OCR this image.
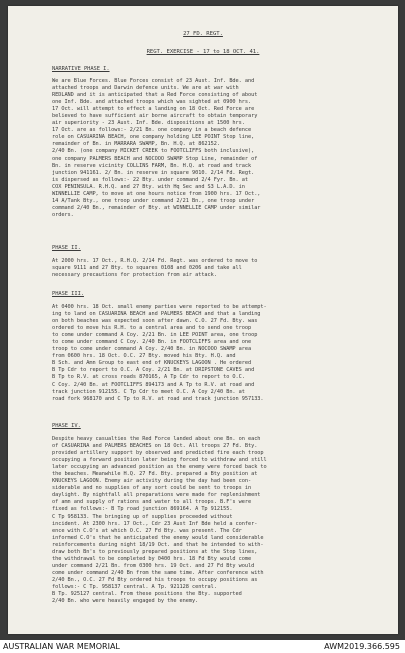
27 FD. REGT.
REGT. EXERCISE - 17 to 18 OCT. 41.
NARRATIVE PHASE I.
We are Blue Forces. Blue Forces consist of 23 Aust. Inf. Bde. and
attached troops and Darwin defence units. We are at war with
REDLAND and it is anticipated that a Red Force consisting of about
one Inf. Bde. and attached troops which was sighted at 0900 hrs.
17 Oct. will attempt to effect a landing on 18 Oct. Red Force are
believed to have sufficient air borne aircraft to obtain temporary
air superiority - 23 Aust. Inf. Bde. dispositions at 1500 hrs.
17 Oct. are as follows:- 2/21 Bn. one company in a beach defence
role on CASUARINA BEACH, one company holding LEE POINT Stop line,
remainder of Bn. in MARRARA SWAMP, Bn. H.Q. at 862152.
2/40 Bn. (one company MICKET CREEK to FOOTCLIFFS both inclusive),
one company PALMERS BEACH and NOCOOO SWAMP Stop Line, remainder of
Bn. in reserve vicinity COLLINS FARM, Bn. H.Q. at road and track
junction 941161. 2/ Bn. in reserve in square 9010. 2/14 Fd. Regt.
is dispersed as follows:- 22 Bty. under command 2/4 Fyr. Bn. at
COX PENINSULA. R.H.Q. and 27 Bty. with Hq Sec and S3 L.A.D. in
WINNELLIE CAMP, to move at one hours notice from 1900 hrs. 17 Oct.,
14 A/Tank Bty., one troop under command 2/21 Bn., one troop under
command 2/40 Bn., remainder of Bty. at WINNELLIE CAMP under similar
orders.
PHASE II.
At 2000 hrs. 17 Oct., R.H.Q. 2/14 Fd. Regt. was ordered to move to
square 9111 and 27 Bty. to squares 0108 and 0206 and take all
necessary precautions for protection from air attack.
PHASE III.
At 0400 hrs. 18 Oct. small enemy parties were reported to be attempt-
ing to land on CASUARINA BEACH and PALMERS BEACH and that a landing
on both beaches was expected soon after dawn. C.O. 27 Fd. Bty. was
ordered to move his R.H. to a central area and to send one troop
to come under command A Coy. 2/21 Bn. in LEE POINT area, one troop
to come under command C Coy. 2/40 Bn. in FOOTCLIFFS area and one
troop to come under command A Coy. 2/40 Bn. in NOCOOO SWAMP area
from 0600 hrs. 18 Oct. O.C. 27 Bty. moved his Bty. H.Q. and
B Sch. and Amn Group to east end of KNUCKEYS LAGOON . He ordered
B Tp Cdr to report to O.C. A Coy. 2/21 Bn. at DRIPSTONE CAVES and
B Tp to R.V. at cross roads 870165, A Tp Cdr to report to O.C.
C Coy. 2/40 Bn. at FOOTCLIFFS 894173 and A Tp to R.V. at road and
track junction 912155. C Tp Cdr to meet O.C. A Coy 2/40 Bn. at
road fork 968170 and C Tp to R.V. at road and track junction 957133.
PHASE IV.
Despite heavy casualties the Red Force landed about one Bn. on each
of CASUARINA and PALMERS BEACHES on 18 Oct. All troops 27 Fd. Bty.
provided artillery support by observed and predicted fire each troop
occupying a forward position later being forced to withdraw and still
later occupying an advanced position as the enemy were forced back to
the beaches. Meanwhile H.Q. 27 Fd. Bty. prepared a Bty position at
KNUCKEYS LAGOON. Enemy air activity during the day had been con-
siderable and no supplies of any sort could be sent to troops in
daylight. By nightfall all preparations were made for replenishment
of amn and supply of rations and water to all troops. B.F's were
fixed as follows:- B Tp road junction 869164. A Tp 912155.
C Tp 958133. The bringing up of supplies proceeded without
incident. At 2300 hrs. 17 Oct., Cdr 23 Aust Inf Bde held a confer-
ence with C.O's at which O.C. 27 Fd Bty. was present. The Cdr
informed C.O's that he anticipated the enemy would land considerable
reinforcements during night 18/19 Oct. and that he intended to with-
draw both Bn's to previously prepared positions at the Stop lines,
the withdrawal to be completed by 0400 hrs. 18 Fd Bty would come
under command 2/21 Bn. from 0300 hrs. 19 Oct. and 27 Fd Bty would
come under command 2/40 Bn from the same time. After conference with
2/40 Bn., O.C. 27 Fd Bty ordered his troops to occupy positions as
follows:- C Tp. 958137 central. A Tp. 921128 central.
B Tp. 925127 central. From these positions the Bty. supported
2/40 Bn. who were heavily engaged by the enemy.
AUSTRALIAN WAR MEMORIAL	AWM2019.366.595
